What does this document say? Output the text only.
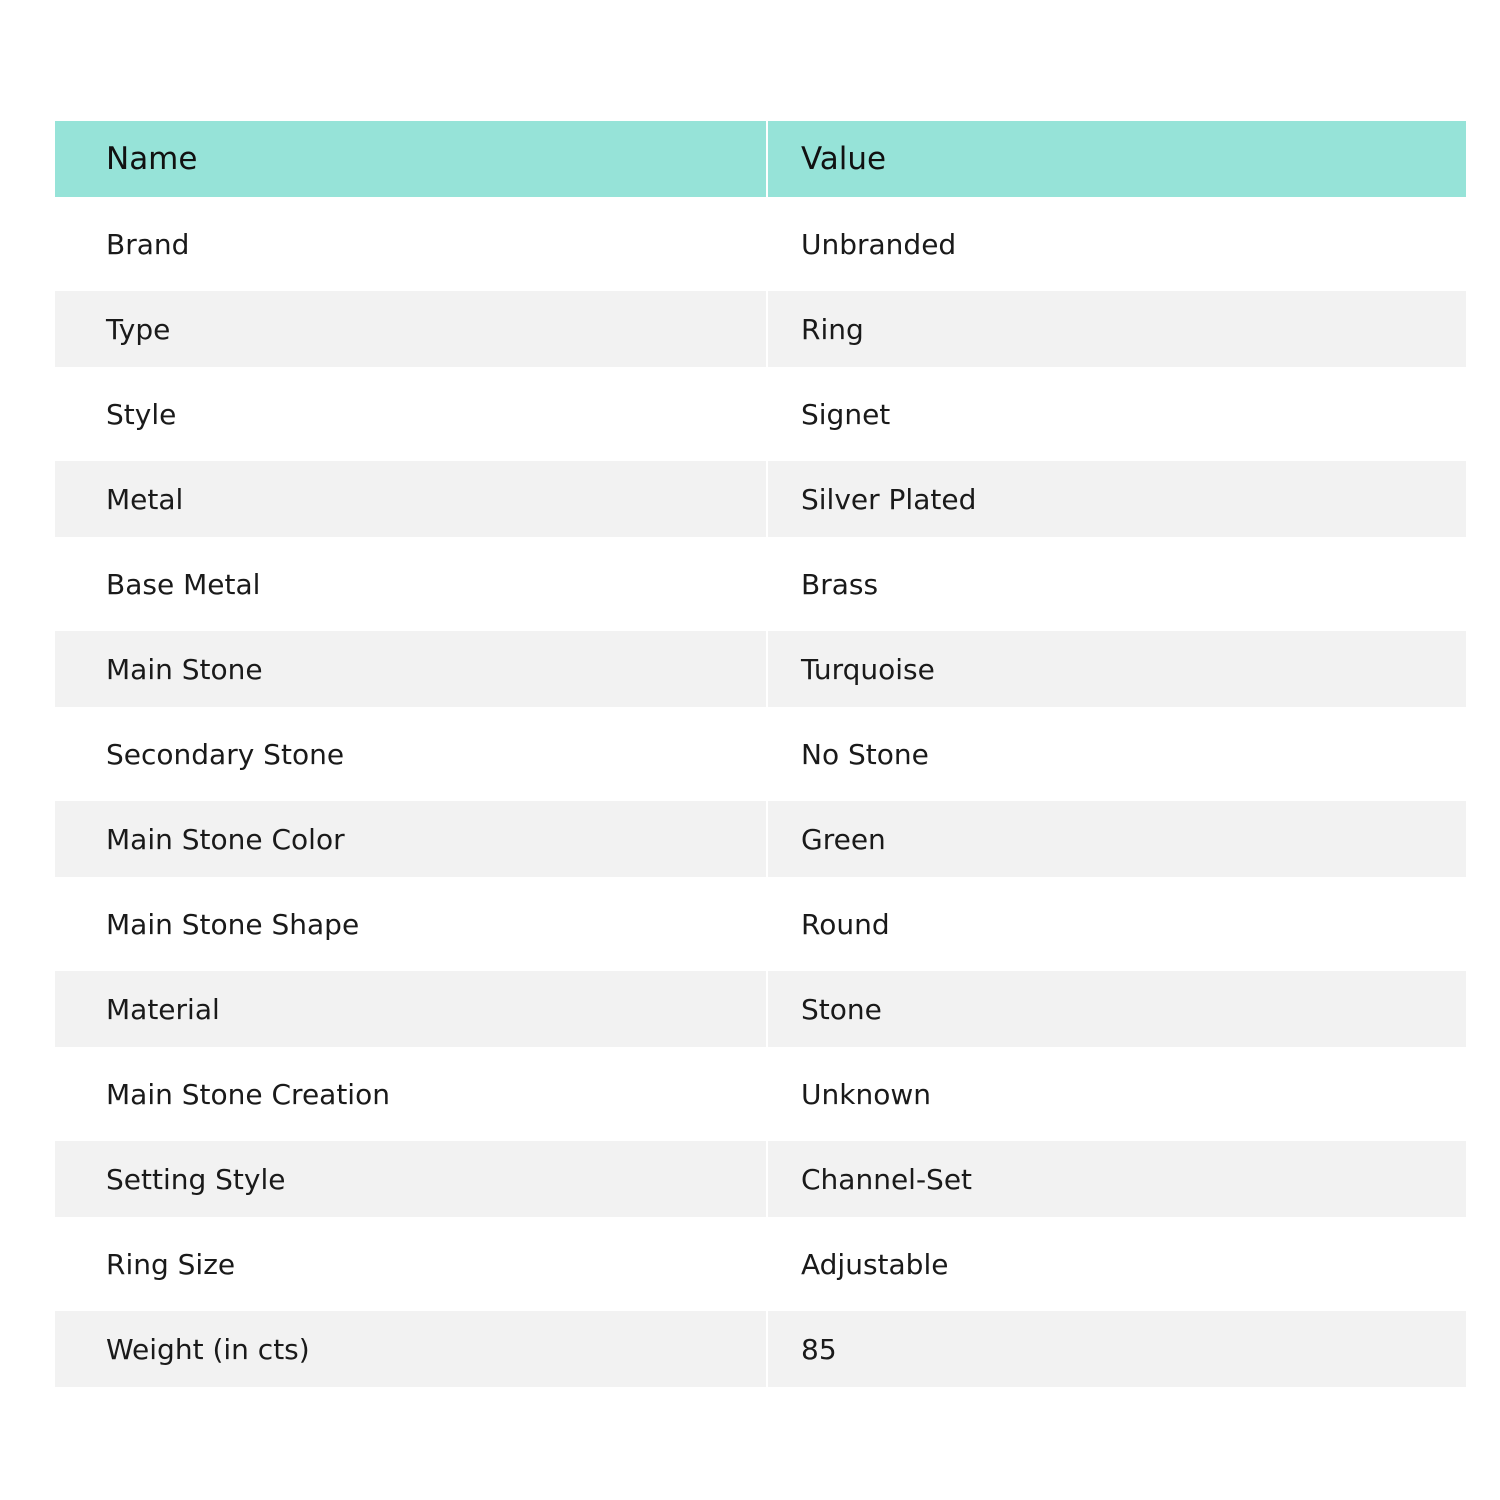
Name	Value
Brand	Unbranded
Type	Ring
Style	Signet
Metal	Silver Plated
Base Metal	Brass
Main Stone	Turquoise
Secondary Stone	No Stone
Main Stone Color	Green
Main Stone Shape	Round
Material	Stone
Main Stone Creation	Unknown
Setting Style	Channel-Set
Ring Size	Adjustable
Weight (in cts)	85
